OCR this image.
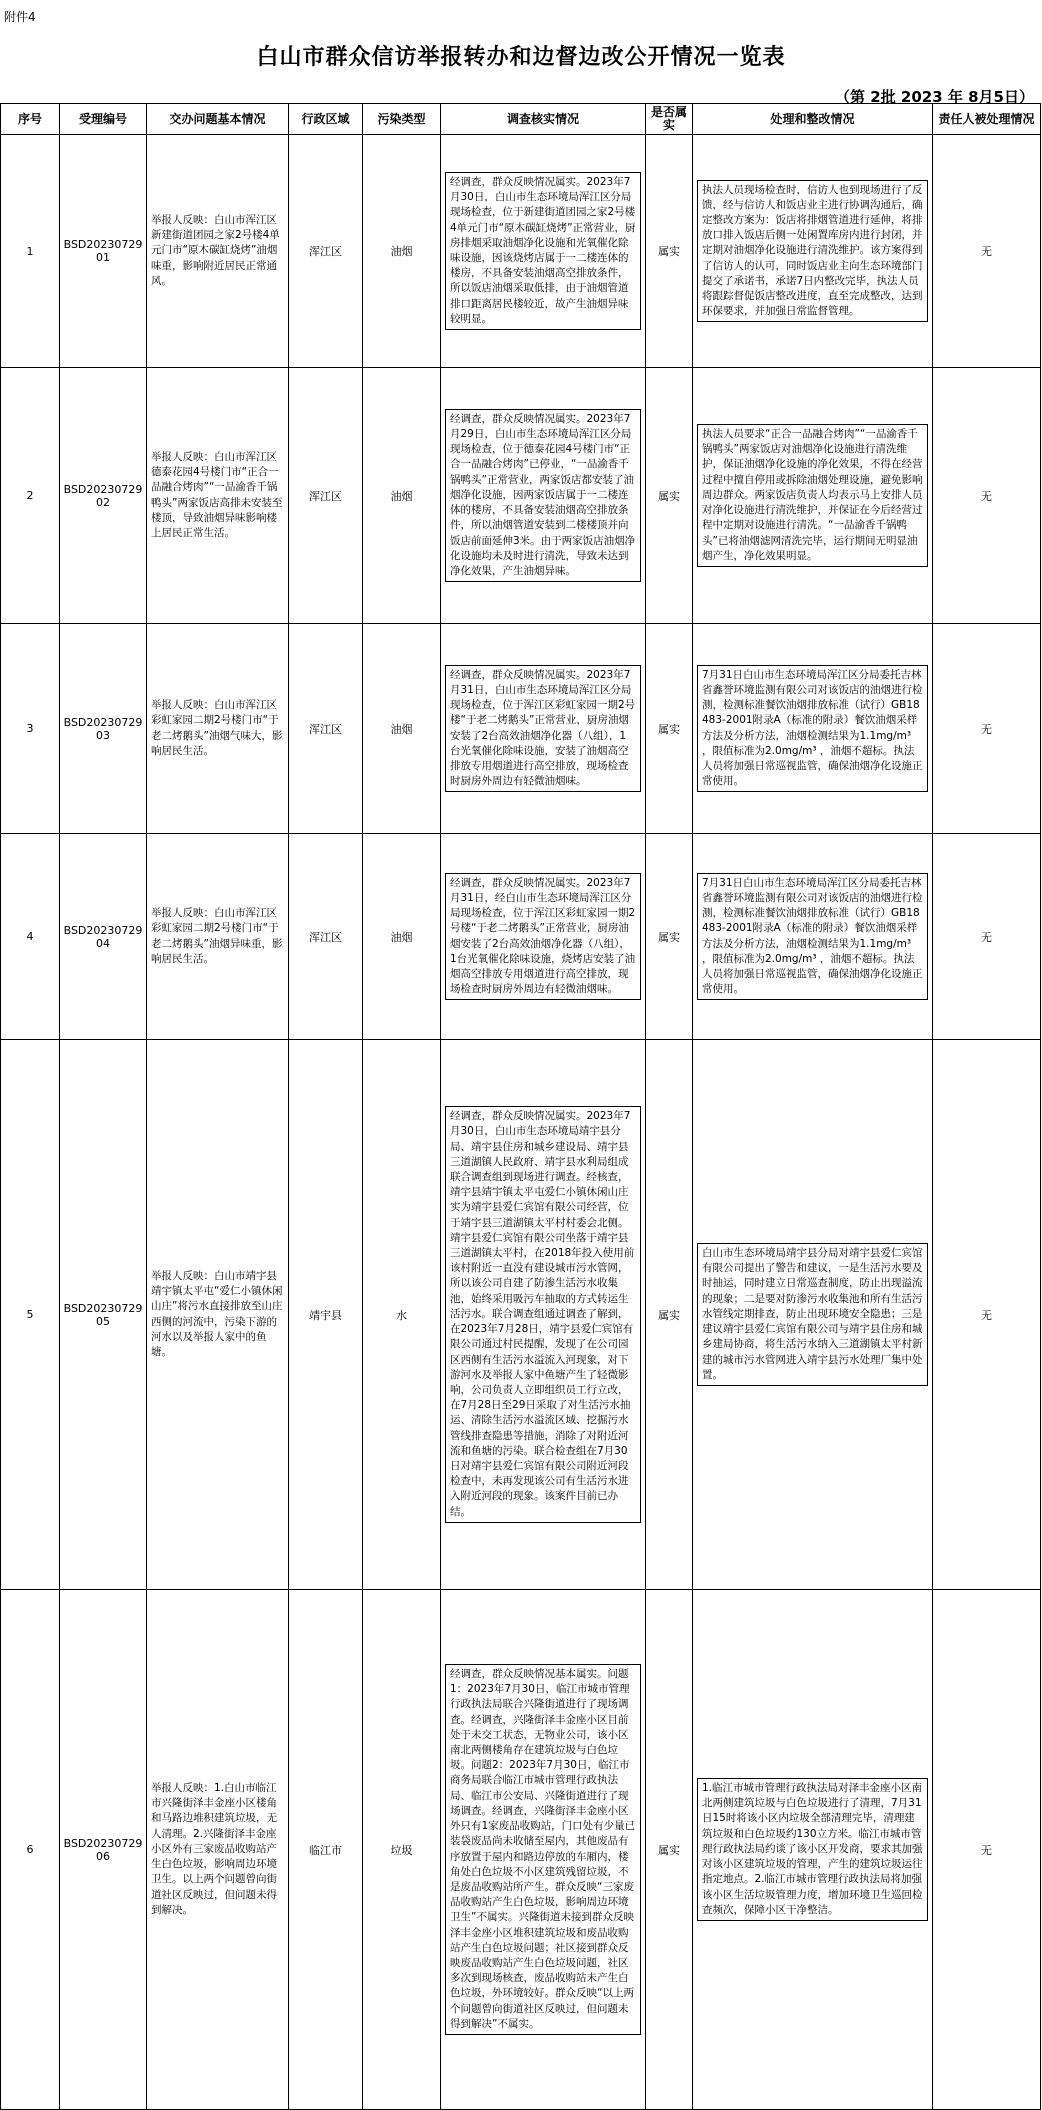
附件4
白山市群众信访举报转办和边督边改公开情况一览表
（第 2批 2023 年 8月5日）
序号	受理编号	交办问题基本情况	行政区域	污染类型	调查核实情况	是否属实	处理和整改情况	责任人被处理情况
1	BSD20230729 01	举报人反映：白山市浑江区新建街道团园之家2号楼4单元门市“原木碳缸烧烤”油烟味重，影响附近居民正常通风。	浑江区	油烟	经调查，群众反映情况属实。2023年7月30日，白山市生态环境局浑江区分局现场检查，位于新建街道团园之家2号楼4单元门市“原木碳缸烧烤”正常营业，厨房排烟采取油烟净化设施和光氧催化除味设施，因该烧烤店属于一二楼连体的楼房，不具备安装油烟高空排放条件，所以饭店油烟采取低排，由于油烟管道排口距离居民楼较近，故产生油烟异味较明显。	属实	执法人员现场检查时，信访人也到现场进行了反馈，经与信访人和饭店业主进行协调沟通后，确定整改方案为：饭店将排烟管道进行延伸，将排放口排入饭店后侧一处闲置库房内进行封闭，并定期对油烟净化设施进行清洗维护。该方案得到了信访人的认可，同时饭店业主向生态环境部门提交了承诺书，承诺7日内整改完毕，执法人员将跟踪督促饭店整改进度，直至完成整改，达到环保要求，并加强日常监督管理。	无
2	BSD20230729 02	举报人反映：白山市浑江区德泰花园4号楼门市“正合一品融合烤肉”“一品渝香千锅鸭头”两家饭店高排未安装至楼顶，导致油烟异味影响楼上居民正常生活。	浑江区	油烟	经调查，群众反映情况属实。2023年7月29日，白山市生态环境局浑江区分局现场检查，位于德泰花园4号楼门市“正合一品融合烤肉”已停业，“一品渝香千锅鸭头”正常营业，两家饭店都安装了油烟净化设施，因两家饭店属于一二楼连体的楼房，不具备安装油烟高空排放条件，所以油烟管道安装到二楼楼顶并向饭店前面延伸3米。由于两家饭店油烟净化设施均未及时进行清洗，导致未达到净化效果，产生油烟异味。	属实	执法人员要求“正合一品融合烤肉”“一品渝香千锅鸭头”两家饭店对油烟净化设施进行清洗维护，保证油烟净化设施的净化效果，不得在经营过程中擅自停用或拆除油烟处理设施，避免影响周边群众。两家饭店负责人均表示马上安排人员对净化设施进行清洗维护，并保证在今后经营过程中定期对设施进行清洗。“一品渝香千锅鸭头”已将油烟滤网清洗完毕，运行期间无明显油烟产生，净化效果明显。	无
3	BSD20230729 03	举报人反映：白山市浑江区彩虹家园二期2号楼门市“于老二烤鹅头”油烟气味大，影响居民生活。	浑江区	油烟	经调查，群众反映情况属实。2023年7月31日，白山市生态环境局浑江区分局现场检查，位于浑江区彩虹家园一期2号楼“于老二烤鹅头”正常营业，厨房油烟安装了2台高效油烟净化器（八组），1台光氧催化除味设施，安装了油烟高空排放专用烟道进行高空排放，现场检查时厨房外周边有轻微油烟味。	属实	7月31日白山市生态环境局浑江区分局委托吉林省鑫誉环境监测有限公司对该饭店的油烟进行检测，检测标准餐饮油烟排放标准（试行）GB18483-2001附录A（标准的附录）餐饮油烟采样方法及分析方法，油烟检测结果为1.1mg/m³ ，限值标准为2.0mg/m³ ，油烟不超标。执法人员将加强日常巡视监管，确保油烟净化设施正常使用。	无
4	BSD20230729 04	举报人反映：白山市浑江区彩虹家园二期2号楼门市“于老二烤鹅头”油烟异味重，影响居民生活。	浑江区	油烟	经调查，群众反映情况属实。2023年7月31日，经白山市生态环境局浑江区分局现场检查，位于浑江区彩虹家园一期2号楼“于老二烤鹅头”正常营业，厨房油烟安装了2台高效油烟净化器（八组），1台光氧催化除味设施，烧烤店安装了油烟高空排放专用烟道进行高空排放，现场检查时厨房外周边有轻微油烟味。	属实	7月31日白山市生态环境局浑江区分局委托吉林省鑫誉环境监测有限公司对该饭店的油烟进行检测，检测标准餐饮油烟排放标准（试行）GB18483-2001附录A（标准的附录）餐饮油烟采样方法及分析方法，油烟检测结果为1.1mg/m³ ，限值标准为2.0mg/m³ ，油烟不超标。执法人员将加强日常巡视监管，确保油烟净化设施正常使用。	无
5	BSD20230729 05	举报人反映：白山市靖宇县靖宇镇太平屯“爱仁小镇休闲山庄”将污水直接排放至山庄西侧的河流中，污染下游的河水以及举报人家中的鱼塘。	靖宇县	水	经调查，群众反映情况属实。2023年7月30日，白山市生态环境局靖宇县分局、靖宇县住房和城乡建设局、靖宇县三道湖镇人民政府、靖宇县水利局组成联合调查组到现场进行调查。经核查，靖宇县靖宇镇太平屯爱仁小镇休闲山庄实为靖宇县爱仁宾馆有限公司经营，位于靖宇县三道湖镇太平村村委会北侧。靖宇县爱仁宾馆有限公司坐落于靖宇县三道湖镇太平村，在2018年投入使用前该村附近一直没有建设城市污水管网，所以该公司自建了防渗生活污水收集池，始终采用吸污车抽取的方式转运生活污水。联合调查组通过调查了解到，在2023年7月28日，靖宇县爱仁宾馆有限公司通过村民提醒，发现了在公司园区西侧有生活污水溢流入河现象，对下游河水及举报人家中鱼塘产生了轻微影响，公司负责人立即组织员工行立改，在7月28日至29日采取了对生活污水抽运、清除生活污水溢流区域、挖掘污水管线排查隐患等措施，消除了对附近河流和鱼塘的污染。联合检查组在7月30日对靖宇县爱仁宾馆有限公司附近河段检查中，未再发现该公司有生活污水进入附近河段的现象。该案件目前已办结。	属实	白山市生态环境局靖宇县分局对靖宇县爱仁宾馆有限公司提出了警告和建议，一是生活污水要及时抽运，同时建立日常巡查制度，防止出现溢流的现象；二是要对防渗污水收集池和所有生活污水管线定期排查，防止出现环境安全隐患；三是建议靖宇县爱仁宾馆有限公司与靖宇县住房和城乡建局协商，将生活污水纳入三道湖镇太平村新建的城市污水管网进入靖宇县污水处理厂集中处置。	无
6	BSD20230729 06	举报人反映：1.白山市临江市兴隆街泽丰金座小区楼角和马路边堆积建筑垃圾，无人清理。2.兴隆街泽丰金座小区外有三家废品收购站产生白色垃圾，影响周边环境卫生。以上两个问题曾向街道社区反映过，但问题未得到解决。	临江市	垃圾	经调查，群众反映情况基本属实。问题1：2023年7月30日，临江市城市管理行政执法局联合兴隆街道进行了现场调查。经调查，兴隆街泽丰金座小区目前处于未交工状态，无物业公司，该小区南北两侧楼角存在建筑垃圾与白色垃圾。问题2：2023年7月30日，临江市商务局联合临江市城市管理行政执法局、临江市公安局、兴隆街道进行了现场调查。经调查，兴隆街泽丰金座小区外只有1家废品收购站，门口处有少量已装袋废品尚未收储至屋内，其他废品有序放置于屋内和路边停放的车厢内，楼角处白色垃圾不小区建筑残留垃圾，不是废品收购站所产生。群众反映“三家废品收购站产生白色垃圾，影响周边环境卫生”不属实。兴隆街道未接到群众反映泽丰金座小区堆积建筑垃圾和废品收购站产生白色垃圾问题；社区接到群众反映废品收购站产生白色垃圾问题，社区多次到现场核查，废品收购站未产生白色垃圾，外环境较好。群众反映“以上两个问题曾向街道社区反映过，但问题未得到解决”不属实。	属实	1.临江市城市管理行政执法局对泽丰金座小区南北两侧建筑垃圾与白色垃圾进行了清理，7月31日15时将该小区内垃圾全部清理完毕，清理建筑垃圾和白色垃圾约130立方米。临江市城市管理行政执法局约谈了该小区开发商，要求其加强对该小区建筑垃圾的管理，产生的建筑垃圾运往指定地点。2.临江市城市管理行政执法局将加强该小区生活垃圾管理力度，增加环境卫生巡回检查频次，保障小区干净整洁。	无
